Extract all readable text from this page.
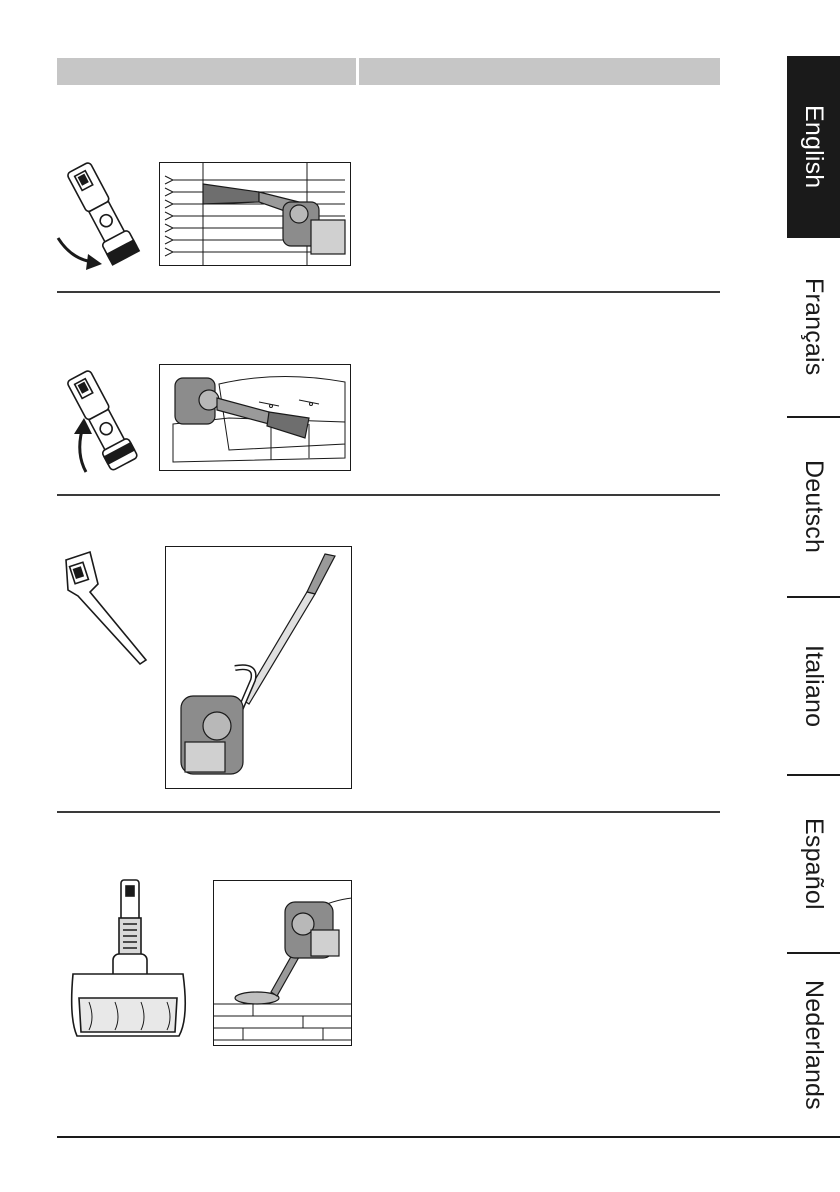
English
Français
Deutsch
Italiano
Español
Nederlands
